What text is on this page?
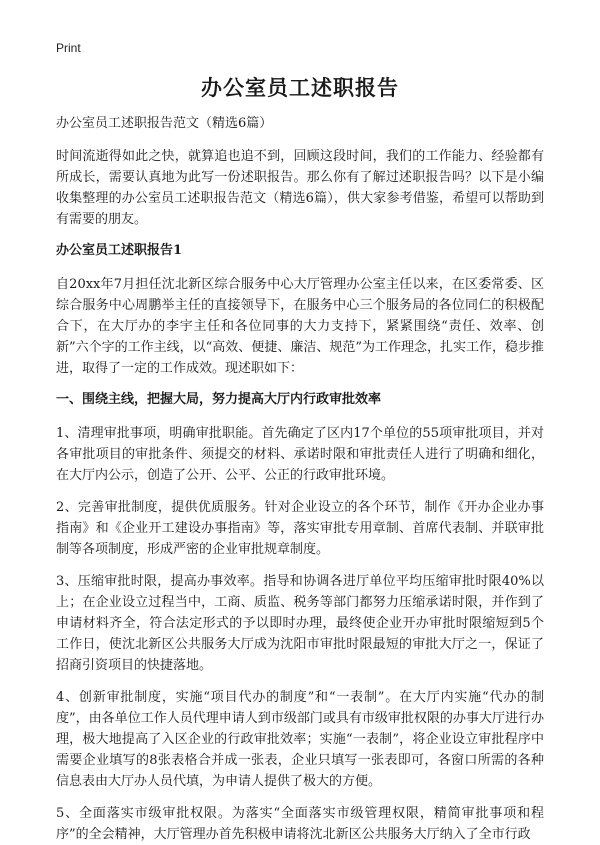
Print
办公室员工述职报告
办公室员工述职报告范文（精选6篇）
时间流逝得如此之快，就算追也追不到，回顾这段时间，我们的工作能力、经验都有所成长，需要认真地为此写一份述职报告。那么你有了解过述职报告吗？以下是小编收集整理的办公室员工述职报告范文（精选6篇），供大家参考借鉴，希望可以帮助到有需要的朋友。
办公室员工述职报告1
自20xx年7月担任沈北新区综合服务中心大厅管理办公室主任以来，在区委常委、区综合服务中心周鹏举主任的直接领导下，在服务中心三个服务局的各位同仁的积极配合下，在大厅办的李宇主任和各位同事的大力支持下，紧紧围绕“责任、效率、创新”六个字的工作主线，以“高效、便捷、廉洁、规范”为工作理念，扎实工作，稳步推进，取得了一定的工作成效。现述职如下：
一、围绕主线，把握大局，努力提高大厅内行政审批效率
1、清理审批事项，明确审批职能。首先确定了区内17个单位的55项审批项目，并对各审批项目的审批条件、须提交的材料、承诺时限和审批责任人进行了明确和细化，在大厅内公示，创造了公开、公平、公正的行政审批环境。
2、完善审批制度，提供优质服务。针对企业设立的各个环节，制作《开办企业办事指南》和《企业开工建设办事指南》等，落实审批专用章制、首席代表制、并联审批制等各项制度，形成严密的企业审批规章制度。
3、压缩审批时限，提高办事效率。指导和协调各进厅单位平均压缩审批时限40%以上；在企业设立过程当中，工商、质监、税务等部门都努力压缩承诺时限，并作到了申请材料齐全，符合法定形式的予以即时办理，最终使企业开办审批时限缩短到5个工作日，使沈北新区公共服务大厅成为沈阳市审批时限最短的审批大厅之一，保证了招商引资项目的快捷落地。
4、创新审批制度，实施“项目代办的制度”和“一表制”。在大厅内实施“代办的制度”，由各单位工作人员代理申请人到市级部门或具有市级审批权限的办事大厅进行办理，极大地提高了入区企业的行政审批效率；实施“一表制”，将企业设立审批程序中需要企业填写的8张表格合并成一张表，企业只填写一张表即可，各窗口所需的各种信息表由大厅办人员代填，为申请人提供了极大的方便。
5、全面落实市级审批权限。为落实“全面落实市级管理权限，精简审批事项和程序”的全会精神，大厅管理办首先积极申请将沈北新区公共服务大厅纳入了全市行政
